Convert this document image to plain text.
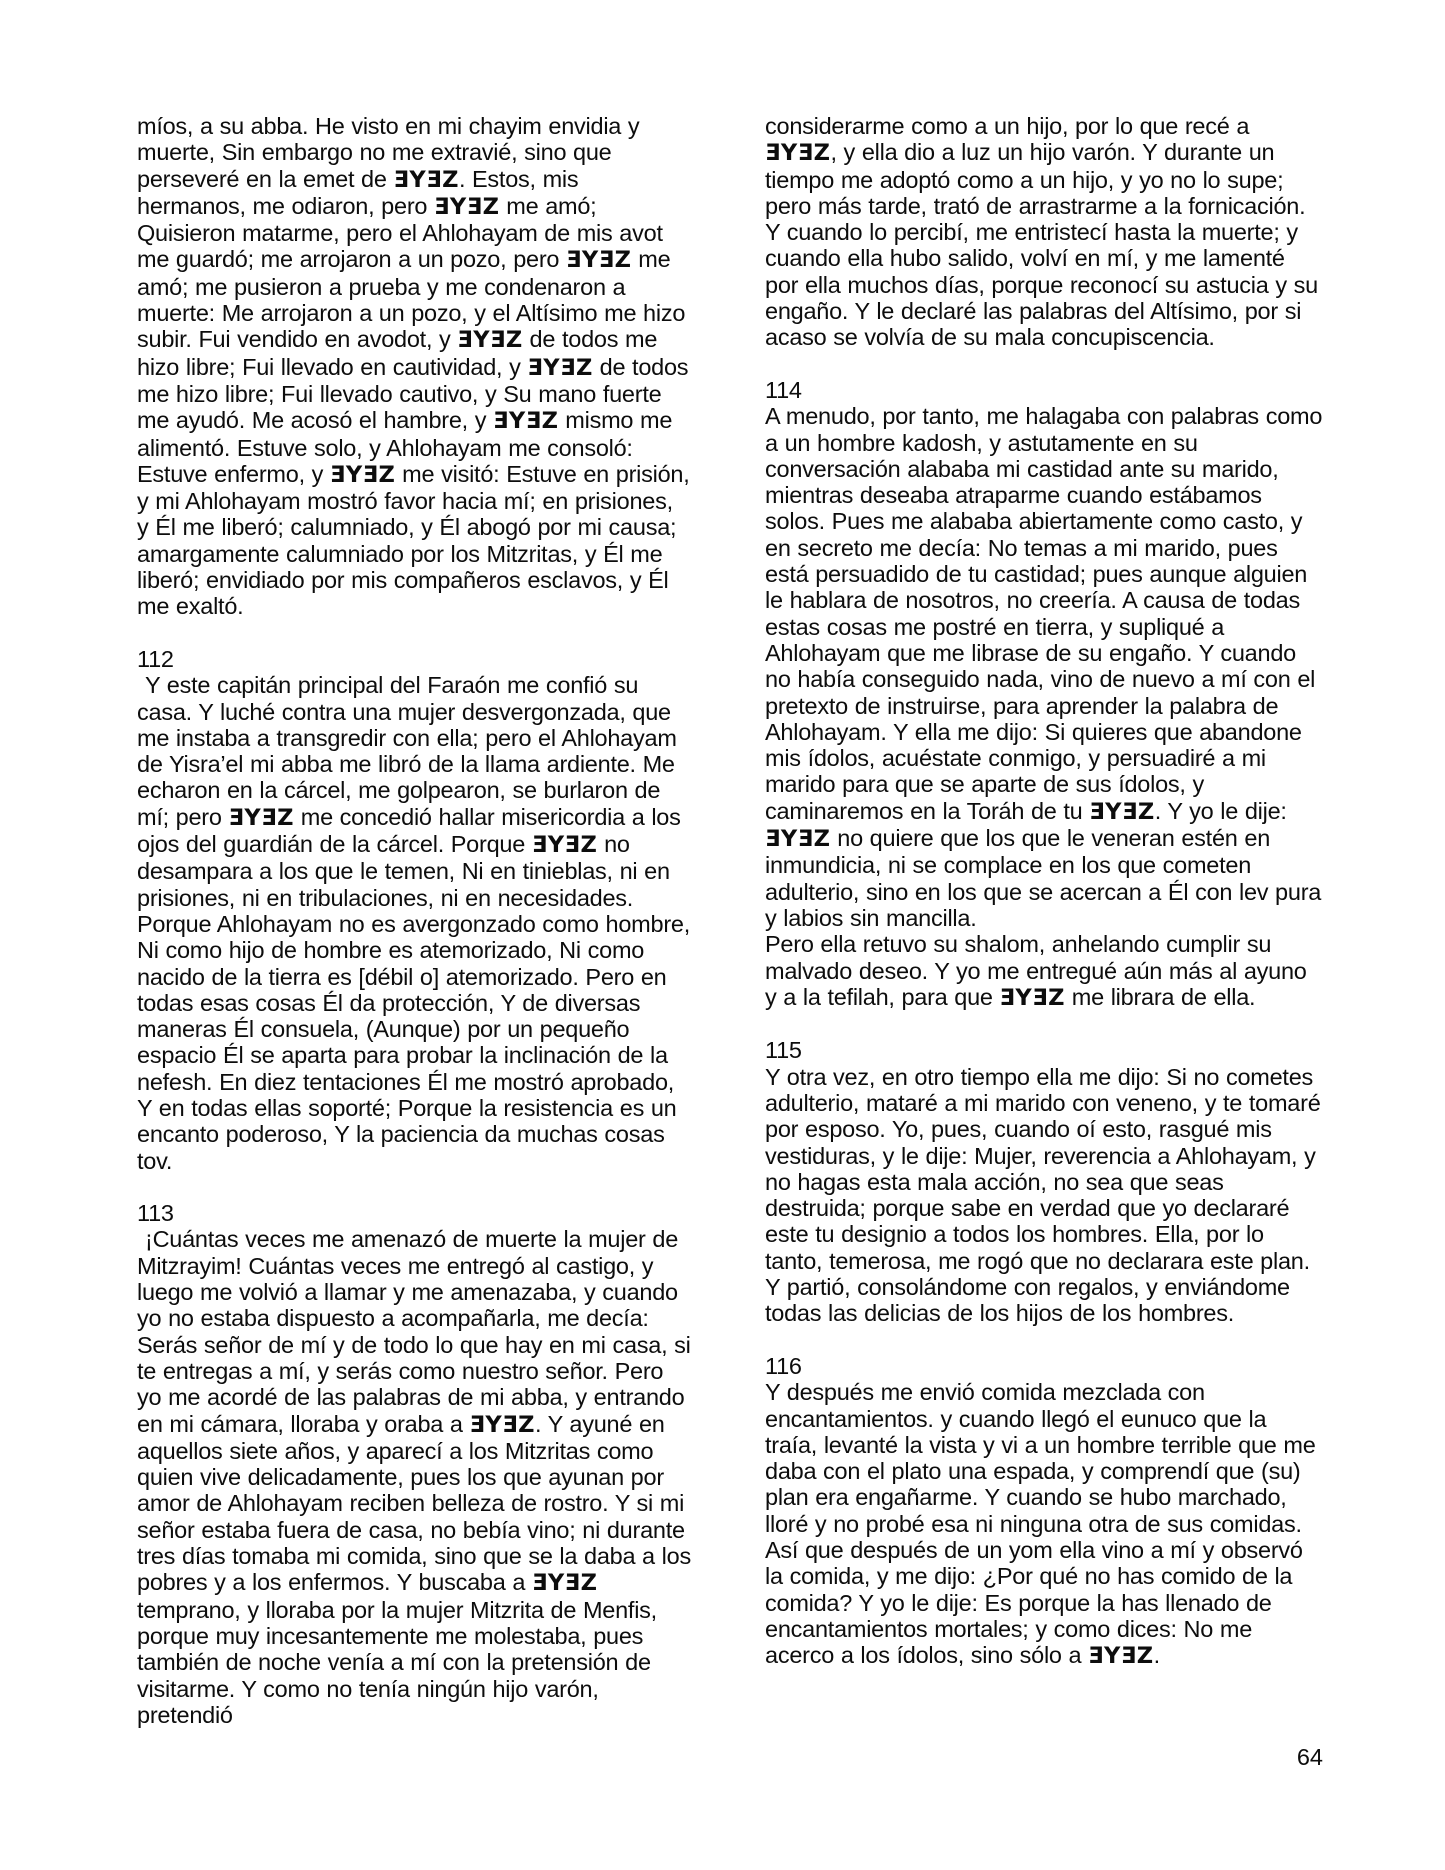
míos, a su abba. He visto en mi chayim envidia y muerte, Sin embargo no me extravié, sino que perseveré en la emet de ƎYƎZ. Estos, mis hermanos, me odiaron, pero ƎYƎZ me amó; Quisieron matarme, pero el Ahlohayam de mis avot me guardó; me arrojaron a un pozo, pero ƎYƎZ me amó; me pusieron a prueba y me condenaron a muerte: Me arrojaron a un pozo, y el Altísimo me hizo subir. Fui vendido en avodot, y ƎYƎZ de todos me hizo libre; Fui llevado en cautividad, y ƎYƎZ de todos me hizo libre; Fui llevado cautivo, y Su mano fuerte me ayudó. Me acosó el hambre, y ƎYƎZ mismo me alimentó. Estuve solo, y Ahlohayam me consoló: Estuve enfermo, y ƎYƎZ me visitó: Estuve en prisión, y mi Ahlohayam mostró favor hacia mí; en prisiones, y Él me liberó; calumniado, y Él abogó por mi causa; amargamente calumniado por los Mitzritas, y Él me liberó; envidiado por mis compañeros esclavos, y Él me exaltó.

112

Y este capitán principal del Faraón me confió su casa. Y luché contra una mujer desvergonzada, que me instaba a transgredir con ella; pero el Ahlohayam de Yisra’el mi abba me libró de la llama ardiente. Me echaron en la cárcel, me golpearon, se burlaron de mí; pero ƎYƎZ me concedió hallar misericordia a los ojos del guardián de la cárcel. Porque ƎYƎZ no desampara a los que le temen, Ni en tinieblas, ni en prisiones, ni en tribulaciones, ni en necesidades. Porque Ahlohayam no es avergonzado como hombre, Ni como hijo de hombre es atemorizado, Ni como nacido de la tierra es [débil o] atemorizado. Pero en todas esas cosas Él da protección, Y de diversas maneras Él consuela, (Aunque) por un pequeño espacio Él se aparta para probar la inclinación de la nefesh. En diez tentaciones Él me mostró aprobado, Y en todas ellas soporté; Porque la resistencia es un encanto poderoso, Y la paciencia da muchas cosas tov.

113

¡Cuántas veces me amenazó de muerte la mujer de Mitzrayim! Cuántas veces me entregó al castigo, y luego me volvió a llamar y me amenazaba, y cuando yo no estaba dispuesto a acompañarla, me decía: Serás señor de mí y de todo lo que hay en mi casa, si te entregas a mí, y serás como nuestro señor. Pero yo me acordé de las palabras de mi abba, y entrando en mi cámara, lloraba y oraba a ƎYƎZ. Y ayuné en aquellos siete años, y aparecí a los Mitzritas como quien vive delicadamente, pues los que ayunan por amor de Ahlohayam reciben belleza de rostro. Y si mi señor estaba fuera de casa, no bebía vino; ni durante tres días tomaba mi comida, sino que se la daba a los pobres y a los enfermos. Y buscaba a ƎYƎZ temprano, y lloraba por la mujer Mitzrita de Menfis, porque muy incesantemente me molestaba, pues también de noche venía a mí con la pretensión de visitarme. Y como no tenía ningún hijo varón, pretendió

considerarme como a un hijo, por lo que recé a ƎYƎZ, y ella dio a luz un hijo varón. Y durante un tiempo me adoptó como a un hijo, y yo no lo supe; pero más tarde, trató de arrastrarme a la fornicación. Y cuando lo percibí, me entristecí hasta la muerte; y cuando ella hubo salido, volví en mí, y me lamenté por ella muchos días, porque reconocí su astucia y su engaño. Y le declaré las palabras del Altísimo, por si acaso se volvía de su mala concupiscencia.

114

A menudo, por tanto, me halagaba con palabras como a un hombre kadosh, y astutamente en su conversación alababa mi castidad ante su marido, mientras deseaba atraparme cuando estábamos solos. Pues me alababa abiertamente como casto, y en secreto me decía: No temas a mi marido, pues está persuadido de tu castidad; pues aunque alguien le hablara de nosotros, no creería. A causa de todas estas cosas me postré en tierra, y supliqué a Ahlohayam que me librase de su engaño. Y cuando no había conseguido nada, vino de nuevo a mí con el pretexto de instruirse, para aprender la palabra de Ahlohayam. Y ella me dijo: Si quieres que abandone mis ídolos, acuéstate conmigo, y persuadiré a mi marido para que se aparte de sus ídolos, y caminaremos en la Toráh de tu ƎYƎZ. Y yo le dije: ƎYƎZ no quiere que los que le veneran estén en inmundicia, ni se complace en los que cometen adulterio, sino en los que se acercan a Él con lev pura y labios sin mancilla.

Pero ella retuvo su shalom, anhelando cumplir su malvado deseo. Y yo me entregué aún más al ayuno y a la tefilah, para que ƎYƎZ me librara de ella.

115

Y otra vez, en otro tiempo ella me dijo: Si no cometes adulterio, mataré a mi marido con veneno, y te tomaré por esposo. Yo, pues, cuando oí esto, rasgué mis vestiduras, y le dije: Mujer, reverencia a Ahlohayam, y no hagas esta mala acción, no sea que seas destruida; porque sabe en verdad que yo declararé este tu designio a todos los hombres. Ella, por lo tanto, temerosa, me rogó que no declarara este plan. Y partió, consolándome con regalos, y enviándome todas las delicias de los hijos de los hombres.

116

Y después me envió comida mezclada con encantamientos. y cuando llegó el eunuco que la traía, levanté la vista y vi a un hombre terrible que me daba con el plato una espada, y comprendí que (su) plan era engañarme. Y cuando se hubo marchado, lloré y no probé esa ni ninguna otra de sus comidas. Así que después de un yom ella vino a mí y observó la comida, y me dijo: ¿Por qué no has comido de la comida? Y yo le dije: Es porque la has llenado de encantamientos mortales; y como dices: No me acerco a los ídolos, sino sólo a ƎYƎZ.

64
